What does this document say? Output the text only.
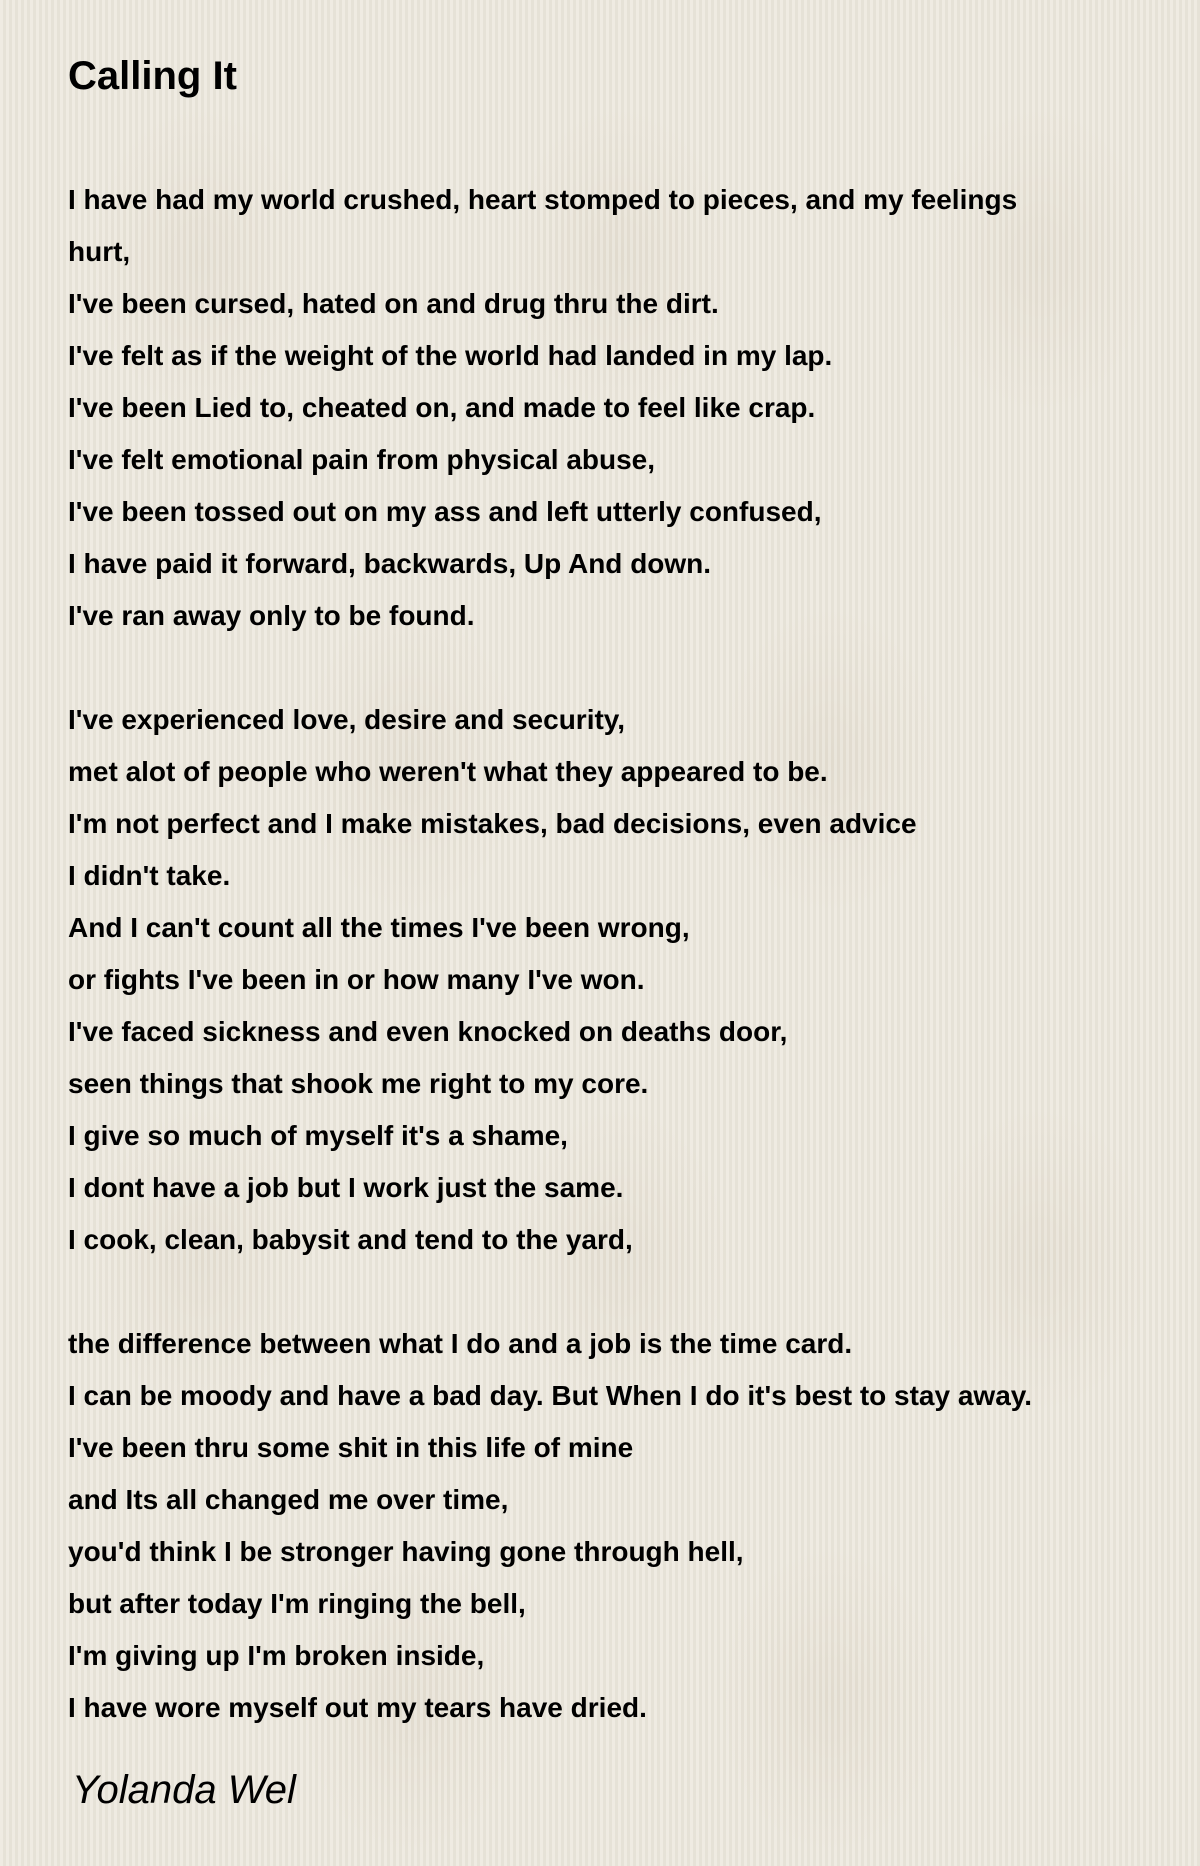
Calling It
I have had my world crushed, heart stomped to pieces, and my feelings
hurt,
I've been cursed, hated on and drug thru the dirt.
I've felt as if the weight of the world had landed in my lap.
I've been Lied to, cheated on, and made to feel like crap.
I've felt emotional pain from physical abuse,
I've been tossed out on my ass and left utterly confused,
I have paid it forward, backwards, Up And down.
I've ran away only to be found.
I've experienced love, desire and security,
met alot of people who weren't what they appeared to be.
I'm not perfect and I make mistakes, bad decisions, even advice
I didn't take.
And I can't count all the times I've been wrong,
or fights I've been in or how many I've won.
I've faced sickness and even knocked on deaths door,
seen things that shook me right to my core.
I give so much of myself it's a shame,
I dont have a job but I work just the same.
I cook, clean, babysit and tend to the yard,
the difference between what I do and a job is the time card.
I can be moody and have a bad day. But When I do it's best to stay away.
I've been thru some shit in this life of mine
and Its all changed me over time,
you'd think I be stronger having gone through hell,
but after today I'm ringing the bell,
I'm giving up I'm broken inside,
I have wore myself out my tears have dried.

Yolanda Wel
